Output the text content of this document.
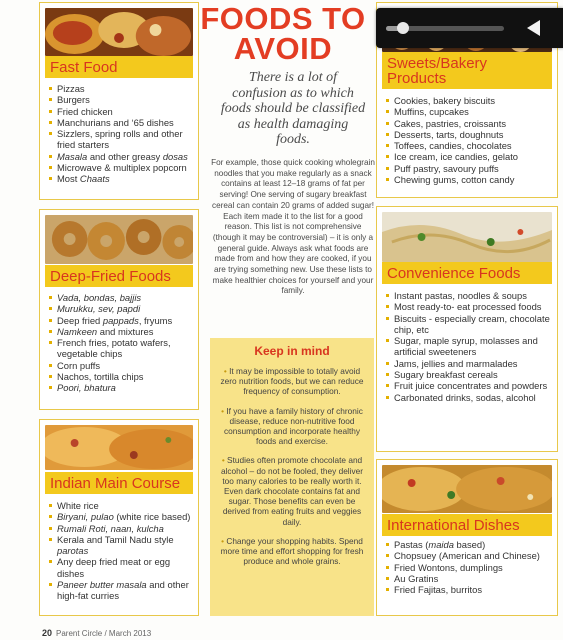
Fast Food
Pizzas
Burgers
Fried chicken
Manchurians and ‘65 dishes
Sizzlers, spring rolls and other fried starters
Masala and other greasy dosas
Microwave & multiplex popcorn
Most Chaats
Deep-Fried Foods
Vada, bondas, bajjis
Murukku, sev, papdi
Deep fried pappads, fryums
Namkeen and mixtures
French fries, potato wafers, vegetable chips
Corn puffs
Nachos, tortilla chips
Poori, bhatura
Indian Main Course
White rice
Biryani, pulao (white rice based)
Rumali Roti, naan, kulcha
Kerala and Tamil Nadu style parotas
Any deep fried meat or egg dishes
Paneer butter masala and other high-fat curries
FOODS TO AVOID
There is a lot of confusion as to which foods should be classified as health damaging foods.
For example, those quick cooking wholegrain noodles that you make regularly as a snack contains at least 12–18 grams of fat per serving! One serving of sugary breakfast cereal can contain 20 grams of added sugar! Each item made it to the list for a good reason. This list is not comprehensive (though it may be controversial) – it is only a general guide. Always ask what foods are made from and how they are cooked, if you are trying something new. Use these lists to make healthier choices for yourself and your family.
Keep in mind

• It may be impossible to totally avoid zero nutrition foods, but we can reduce frequency of consumption.

• If you have a family history of chronic disease, reduce non-nutritive food consumption and incorporate healthy foods and exercise.

• Studies often promote chocolate and alcohol – do not be fooled, they deliver too many calories to be really worth it. Even dark chocolate contains fat and sugar. Those benefits can even be derived from eating fruits and veggies daily.

• Change your shopping habits. Spend more time and effort shopping for fresh produce and whole grains.

Sweets/Bakery Products
Cookies, bakery biscuits
Muffins, cupcakes
Cakes, pastries, croissants
Desserts, tarts, doughnuts
Toffees, candies, chocolates
Ice cream, ice candies, gelato
Puff pastry, savoury puffs
Chewing gums, cotton candy
Convenience Foods
Instant pastas, noodles & soups
Most ready-to- eat processed foods
Biscuits - especially cream, chocolate chip, etc
Sugar, maple syrup, molasses and artificial sweeteners
Jams, jellies and marmalades
Sugary breakfast cereals
Fruit juice concentrates and powders
Carbonated drinks, sodas, alcohol
International Dishes
Pastas (maida based)
Chopsuey (American and Chinese)
Fried Wontons, dumplings
Au Gratins
Fried Fajitas, burritos
20 Parent Circle / March 2013
